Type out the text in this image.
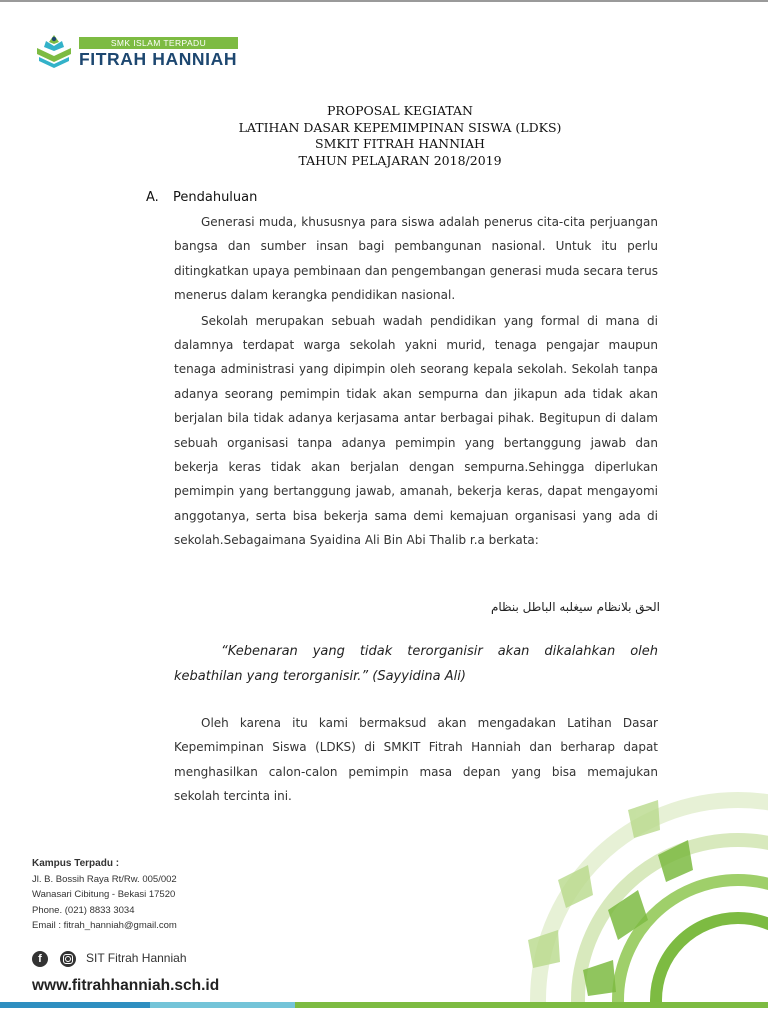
SMK ISLAM TERPADU
FITRAH HANNIAH
PROPOSAL KEGIATAN
LATIHAN DASAR KEPEMIMPINAN SISWA (LDKS)
SMKIT FITRAH HANNIAH
TAHUN PELAJARAN 2018/2019
A. Pendahuluan

Generasi muda, khususnya para siswa adalah penerus cita-cita perjuangan bangsa dan sumber insan bagi pembangunan nasional. Untuk itu perlu ditingkatkan upaya pembinaan dan pengembangan generasi muda secara terus menerus dalam kerangka pendidikan nasional.

Sekolah merupakan sebuah wadah pendidikan yang formal di mana di dalamnya terdapat warga sekolah yakni murid, tenaga pengajar maupun tenaga administrasi yang dipimpin oleh seorang kepala sekolah. Sekolah tanpa adanya seorang pemimpin tidak akan sempurna dan jikapun ada tidak akan berjalan bila tidak adanya kerjasama antar berbagai pihak. Begitupun di dalam sebuah organisasi tanpa adanya pemimpin yang bertanggung jawab dan bekerja keras tidak akan berjalan dengan sempurna.Sehingga diperlukan pemimpin yang bertanggung jawab, amanah, bekerja keras, dapat mengayomi anggotanya, serta bisa bekerja sama demi kemajuan organisasi yang ada di sekolah.Sebagaimana Syaidina Ali Bin Abi Thalib r.a berkata:

الحق بلانظام سيغلبه الباطل بنظام
“Kebenaran yang tidak terorganisir akan dikalahkan oleh kebathilan yang terorganisir.” (Sayyidina Ali)

Oleh karena itu kami bermaksud akan mengadakan Latihan Dasar Kepemimpinan Siswa (LDKS) di SMKIT Fitrah Hanniah dan berharap dapat menghasilkan calon-calon pemimpin masa depan yang bisa memajukan sekolah tercinta ini.

Kampus Terpadu :
Jl. B. Bossih Raya Rt/Rw. 005/002
Wanasari Cibitung - Bekasi 17520
Phone. (021) 8833 3034
Email : fitrah_hanniah@gmail.com
f	SIT Fitrah Hanniah
www.fitrahhanniah.sch.id
